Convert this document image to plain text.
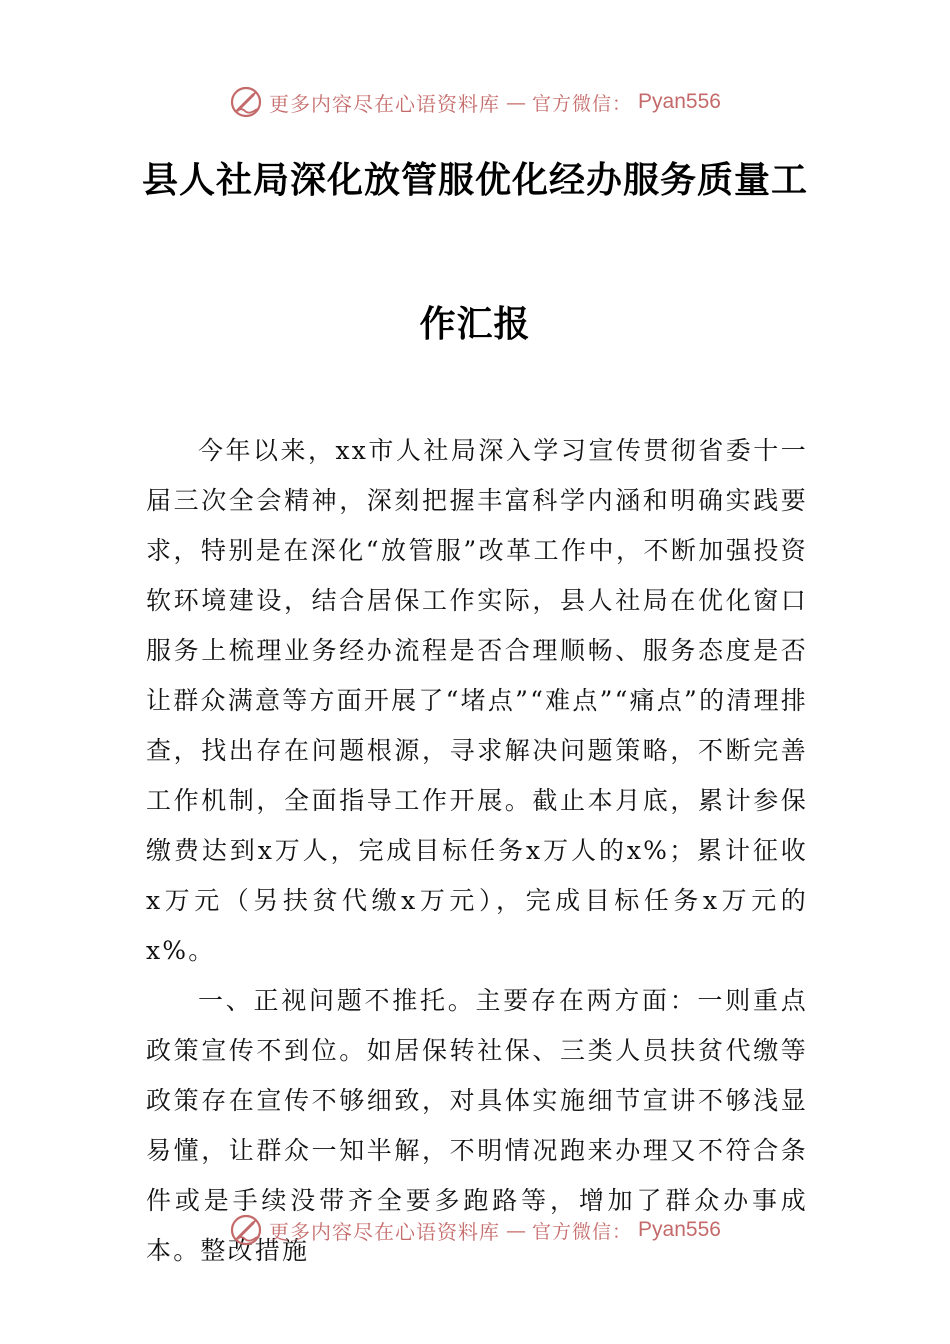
更多内容尽在心语资料库 — 官方微信： Pyan556
县人社局深化放管服优化经办服务质量工
作汇报

今年以来，xx市人社局深入学习宣传贯彻省委十一届三次全会精神，深刻把握丰富科学内涵和明确实践要求，特别是在深化“放管服”改革工作中，不断加强投资软环境建设，结合居保工作实际，县人社局在优化窗口服务上梳理业务经办流程是否合理顺畅、服务态度是否让群众满意等方面开展了“堵点”“难点”“痛点”的清理排查，找出存在问题根源，寻求解决问题策略，不断完善工作机制，全面指导工作开展。截止本月底，累计参保缴费达到x万人，完成目标任务x万人的x%；累计征收x万元（另扶贫代缴x万元），完成目标任务x万元的x%。

一、正视问题不推托。主要存在两方面：一则重点政策宣传不到位。如居保转社保、三类人员扶贫代缴等政策存在宣传不够细致，对具体实施细节宣讲不够浅显易懂，让群众一知半解，不明情况跑来办理又不符合条件或是手续没带齐全要多跑路等，增加了群众办事成本。整改措施

更多内容尽在心语资料库 — 官方微信： Pyan556
